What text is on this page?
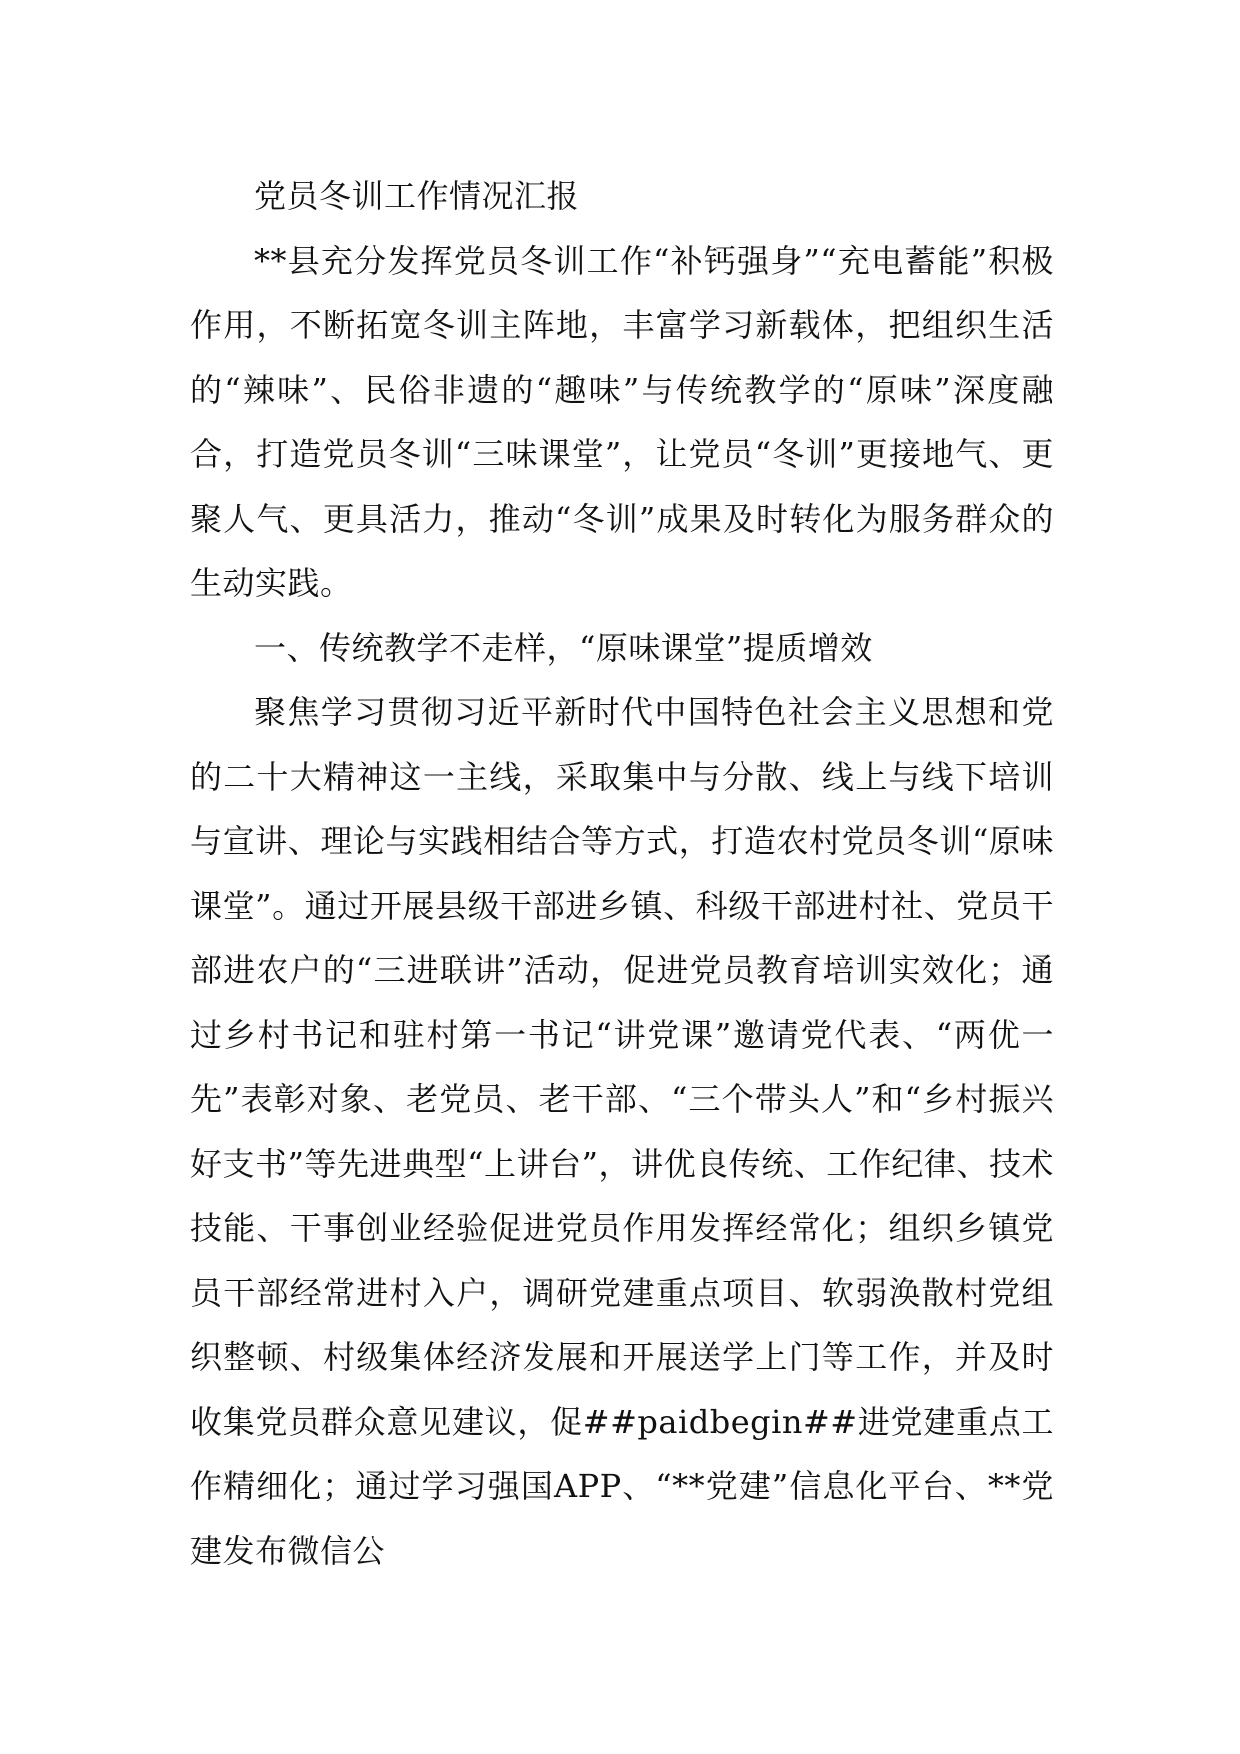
党员冬训工作情况汇报

**县充分发挥党员冬训工作“补钙强身”“充电蓄能”积极作用，不断拓宽冬训主阵地，丰富学习新载体，把组织生活的“辣味”、民俗非遗的“趣味”与传统教学的“原味”深度融合，打造党员冬训“三味课堂”，让党员“冬训”更接地气、更聚人气、更具活力，推动“冬训”成果及时转化为服务群众的生动实践。

一、传统教学不走样，“原味课堂”提质增效

聚焦学习贯彻习近平新时代中国特色社会主义思想和党的二十大精神这一主线，采取集中与分散、线上与线下培训与宣讲、理论与实践相结合等方式，打造农村党员冬训“原味课堂”。通过开展县级干部进乡镇、科级干部进村社、党员干部进农户的“三进联讲”活动，促进党员教育培训实效化；通过乡村书记和驻村第一书记“讲党课”邀请党代表、“两优一先”表彰对象、老党员、老干部、“三个带头人”和“乡村振兴好支书”等先进典型“上讲台”，讲优良传统、工作纪律、技术技能、干事创业经验促进党员作用发挥经常化；组织乡镇党员干部经常进村入户，调研党建重点项目、软弱涣散村党组织整顿、村级集体经济发展和开展送学上门等工作，并及时收集党员群众意见建议，促##paidbegin##进党建重点工作精细化；通过学习强国APP、“**党建”信息化平台、**党建发布微信公
